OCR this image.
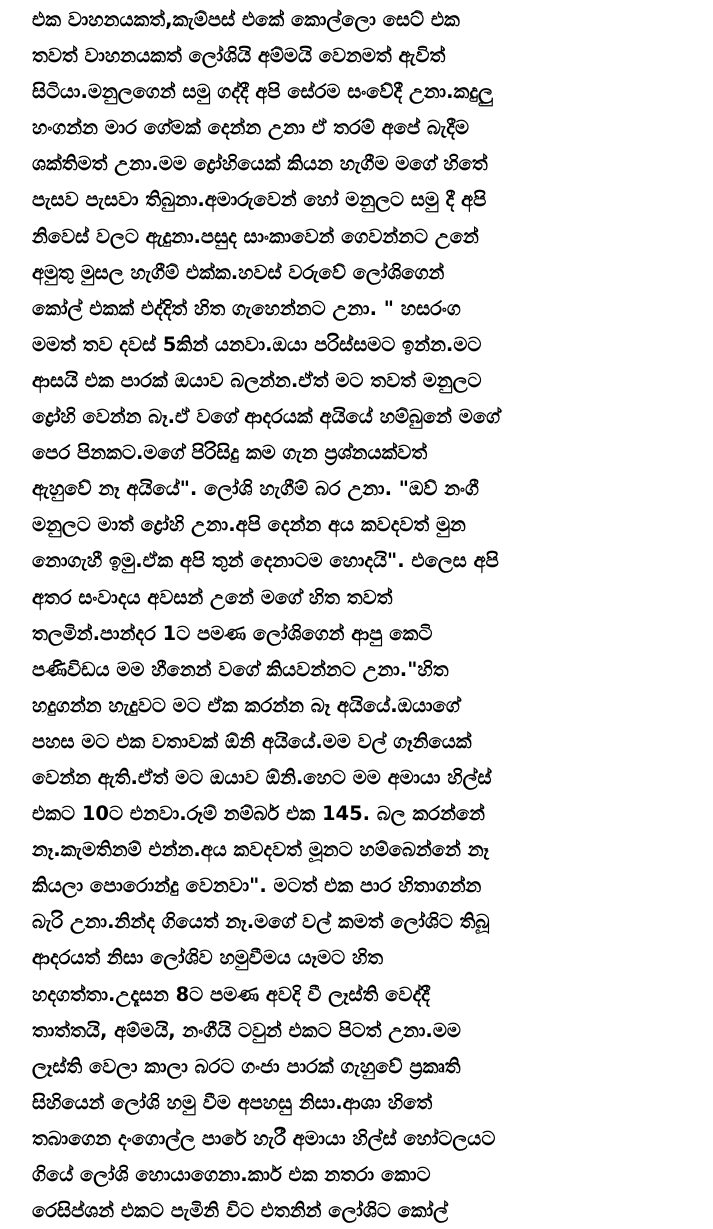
එක වාහනයකත්,කැම්පස් එකේ කොල්ලො සෙට් එක
තවත් වාහනයකත් ලෝශියි අම්මයි වෙනමත් ඇවිත්
සිටියා.මනුලගෙන් සමු ගද්දී අපි සේරම සංවේදී උනා.කදුලු
හංගන්න මාර ගේමක් දෙන්න උනා ඒ තරම් අපේ බැදීම
ශක්තිමත් උනා.මම ද්‍රෝහියෙක් කියන හැගීම මගේ හිතේ
පැසව පැසවා තිබුනා.අමාරුවෙන් හෝ මනුලට සමු දී අපි
නිවෙස් වලට ඇදුනා.පසුද සාංකාවෙන් ගෙවන්නට උනේ
අමුතු මුසල හැගීම් එක්ක.හවස් වරුවේ ලෝශිගෙන්
කෝල් එකක් එද්දිත් හිත ගැහෙන්නට උනා. " හසරංග
මමත් තව දවස් 5කින් යනවා.ඔයා පරිස්සමට ඉන්න.මට
ආසයි එක පාරක් ඔයාව බලන්න.ඒත් මට තවත් මනුලට
ද්‍රෝහි වෙන්න බෑ.ඒ වගේ ආදරයක් අයියේ හම්බුනේ මගේ
පෙර පිනකට.මගේ පිරිසිදු කම ගැන ප්‍රශ්නයක්වත්
ඇහුවේ නෑ අයියේ". ලෝශි හැගීම් බර උනා. "ඔව් නංගී
මනුලට මාත් ද්‍රෝහි උනා.අපි දෙන්න අය කවදවත් මුන
නොගැහී ඉමු.ඒක අපි තුන් දෙනාටම හොදයි". එලෙස අපි
අතර සංවාදය අවසන් උනේ මගේ හිත තවත්
තලමින්.පාන්දර 1ට පමණ ලෝශිගෙන් ආපු කෙටි
පණිවිඩය මම හීනෙන් වගේ කියවන්නට උනා."හිත
හදුගන්න හැදුවට මට ඒක කරන්න බෑ අයියේ.ඔයාගේ
පහස මට එක වතාවක් ඕනි අයියේ.මම වල් ගෑනියෙක්
වෙන්න ඇති.ඒත් මට ඔයාව ඕනි.හෙට මම අමායා හිල්ස්
එකට 10ට එනවා.රූම් නම්බර් එක 145. බල කරන්නේ
නෑ.කැමතිනම් එන්න.අය කවදවත් මූනට හම්බෙන්නේ නෑ
කියලා පොරොන්දු වෙනවා". මටත් එක පාර හිතාගන්න
බැරි උනා.නින්ද ගියෙත් නෑ.මගේ වල් කමත් ලෝශිට තිබූ
ආදරයත් නිසා ලෝශිව හමුවීමය යෑමට හිත
හදගත්තා.උදෑසන 8ට පමණ අවදි වී ලෑස්ති වෙද්දී
තාත්තයි, අම්මයි, නංගීයි ටවුන් එකට පිටත් උනා.මම
ලෑස්ති වෙලා කාලා බරට ගංජා පාරක් ගැහුවේ ප්‍රකෘති
සිහියෙන් ලෝශි හමු වීම අපහසු නිසා.ආශා හිතේ
තබාගෙන දංගොල්ල පාරේ හැරී අමායා හිල්ස් හෝටලයට
ගියේ ලෝශි හොයාගෙනා.කාර් එක නතරා කොට
රෙසිප්ශන් එකට පැමිනි විට එතනින් ලෝශිට කෝල්
